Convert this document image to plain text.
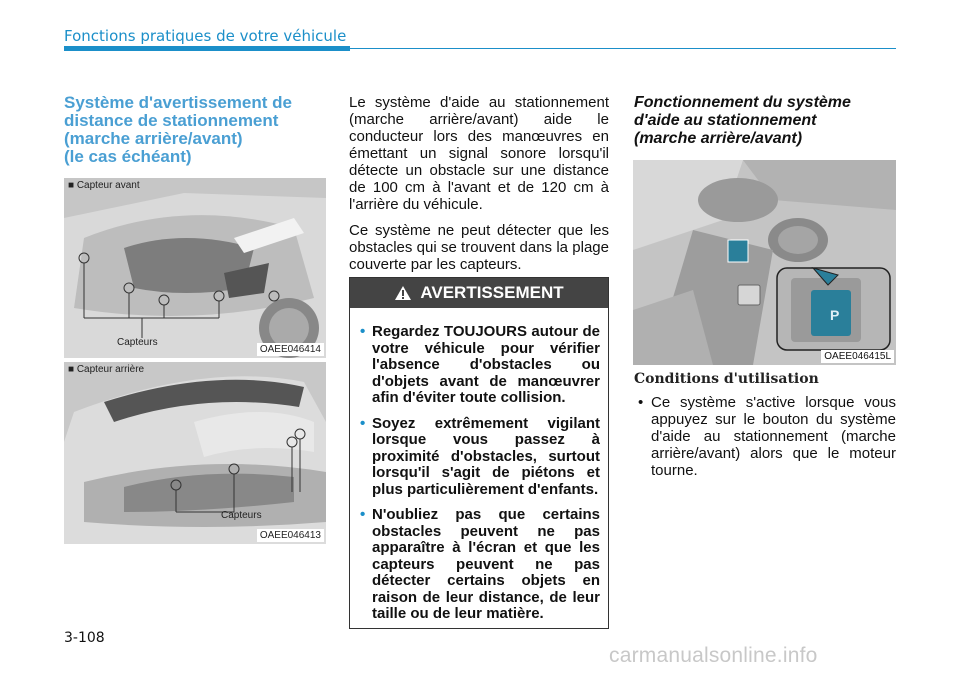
Fonctions pratiques de votre véhicule
Système d'avertissement de
distance de stationnement
(marche arrière/avant)
(le cas échéant)
■ Capteur avant
Capteurs
OAEE046414
■ Capteur arrière
Capteurs
OAEE046413

Le système d'aide au stationnement (marche arrière/avant) aide le conducteur lors des manœuvres en émettant un signal sonore lorsqu'il détecte un obstacle sur une distance de 100 cm à l'avant et de 120 cm à l'arrière du véhicule.

Ce système ne peut détecter que les obstacles qui se trouvent dans la plage couverte par les capteurs.

AVERTISSEMENT
• Regardez TOUJOURS autour de votre véhicule pour vérifier l'absence d'obstacles ou d'objets avant de manœuvrer afin d'éviter toute collision.
• Soyez extrêmement vigilant lorsque vous passez à proximité d'obstacles, surtout lorsqu'il s'agit de piétons et plus particulièrement d'enfants.
• N'oubliez pas que certains obstacles peuvent ne pas apparaître à l'écran et que les capteurs peuvent ne pas détecter certains objets en raison de leur distance, de leur taille ou de leur matière.
Fonctionnement du système
d'aide au stationnement
(marche arrière/avant)
P
OAEE046415L
Conditions d'utilisation
• Ce système s'active lorsque vous appuyez sur le bouton du système d'aide au stationnement (marche arrière/avant) alors que le moteur tourne.
3-108
carmanualsonline.info
